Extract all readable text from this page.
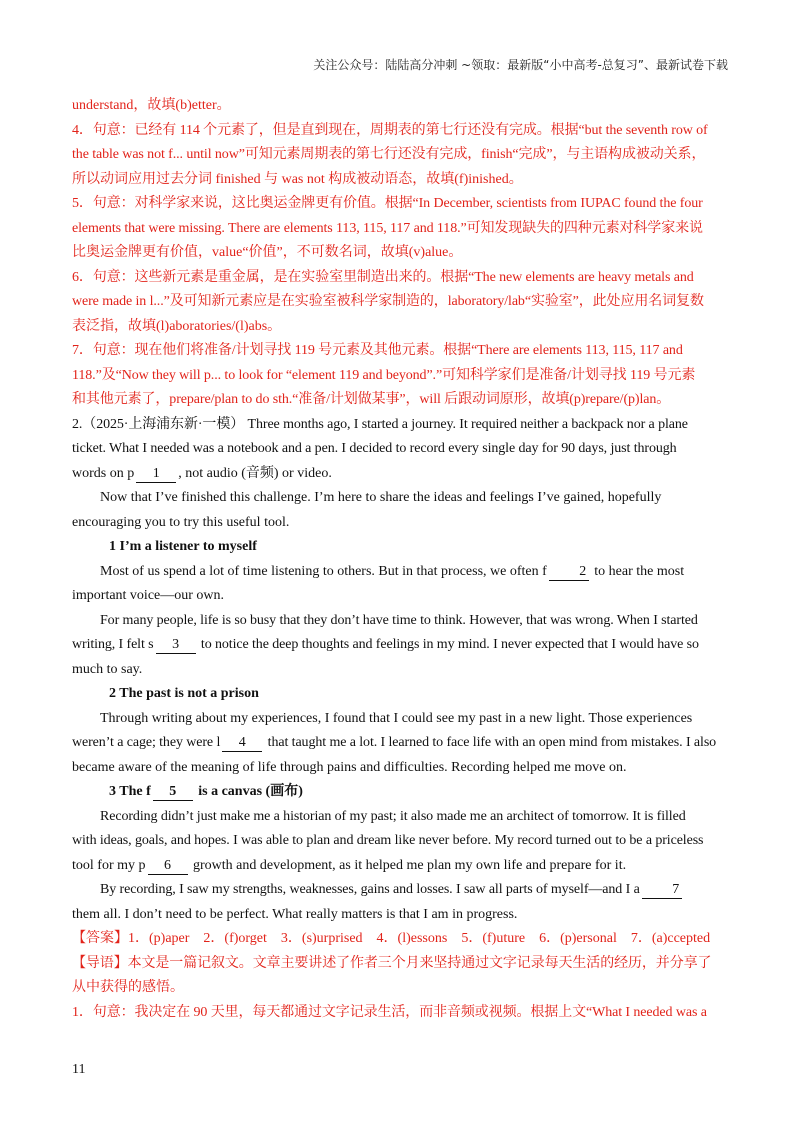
关注公众号：陆陆高分冲刺 ~领取：最新版“小中高考-总复习”、最新试卷下载

understand，故填(b)etter。

4．句意：已经有 114 个元素了，但是直到现在，周期表的第七行还没有完成。根据“but the seventh row of

the table was not f... until now”可知元素周期表的第七行还没有完成，finish“完成”，与主语构成被动关系，

所以动词应用过去分词 finished 与 was not 构成被动语态，故填(f)inished。

5．句意：对科学家来说，这比奥运金牌更有价值。根据“In December, scientists from IUPAC found the four

elements that were missing. There are elements 113, 115, 117 and 118.”可知发现缺失的四种元素对科学家来说

比奥运金牌更有价值，value“价值”，不可数名词，故填(v)alue。

6．句意：这些新元素是重金属，是在实验室里制造出来的。根据“The new elements are heavy metals and

were made in l...”及可知新元素应是在实验室被科学家制造的，laboratory/lab“实验室”，此处应用名词复数

表泛指，故填(l)aboratories/(l)abs。

7．句意：现在他们将准备/计划寻找 119 号元素及其他元素。根据“There are elements 113, 115, 117 and

118.”及“Now they will p... to look for “element 119 and beyond”.”可知科学家们是准备/计划寻找 119 号元素

和其他元素了，prepare/plan to do sth.“准备/计划做某事”，will 后跟动词原形，故填(p)repare/(p)lan。

2.（2025·上海浦东新·一模） Three months ago, I started a journey. It required neither a backpack nor a plane

ticket. What I needed was a notebook and a pen. I decided to record every single day for 90 days, just through

words on p 1 , not audio (音频) or video.

Now that I’ve finished this challenge. I’m here to share the ideas and feelings I’ve gained, hopefully

encouraging you to try this useful tool.

1 I’m a listener to myself

Most of us spend a lot of time listening to others. But in that process, we often f 2 to hear the most

important voice—our own.

For many people, life is so busy that they don’t have time to think. However, that was wrong. When I started

writing, I felt s 3 to notice the deep thoughts and feelings in my mind. I never expected that I would have so

much to say.

2 The past is not a prison

Through writing about my experiences, I found that I could see my past in a new light. Those experiences

weren’t a cage; they were l 4 that taught me a lot. I learned to face life with an open mind from mistakes. I also

became aware of the meaning of life through pains and difficulties. Recording helped me move on.

3 The f 5 is a canvas (画布)

Recording didn’t just make me a historian of my past; it also made me an architect of tomorrow. It is filled

with ideas, goals, and hopes. I was able to plan and dream like never before. My record turned out to be a priceless

tool for my p 6 growth and development, as it helped me plan my own life and prepare for it.

By recording, I saw my strengths, weaknesses, gains and losses. I saw all parts of myself—and I a 7

them all. I don’t need to be perfect. What really matters is that I am in progress.

【答案】1．(p)aper　2．(f)orget　3．(s)urprised　4．(l)essons　5．(f)uture　6．(p)ersonal　7．(a)ccepted

【导语】本文是一篇记叙文。文章主要讲述了作者三个月来坚持通过文字记录每天生活的经历，并分享了

从中获得的感悟。

1．句意：我决定在 90 天里，每天都通过文字记录生活，而非音频或视频。根据上文“What I needed was a

11
